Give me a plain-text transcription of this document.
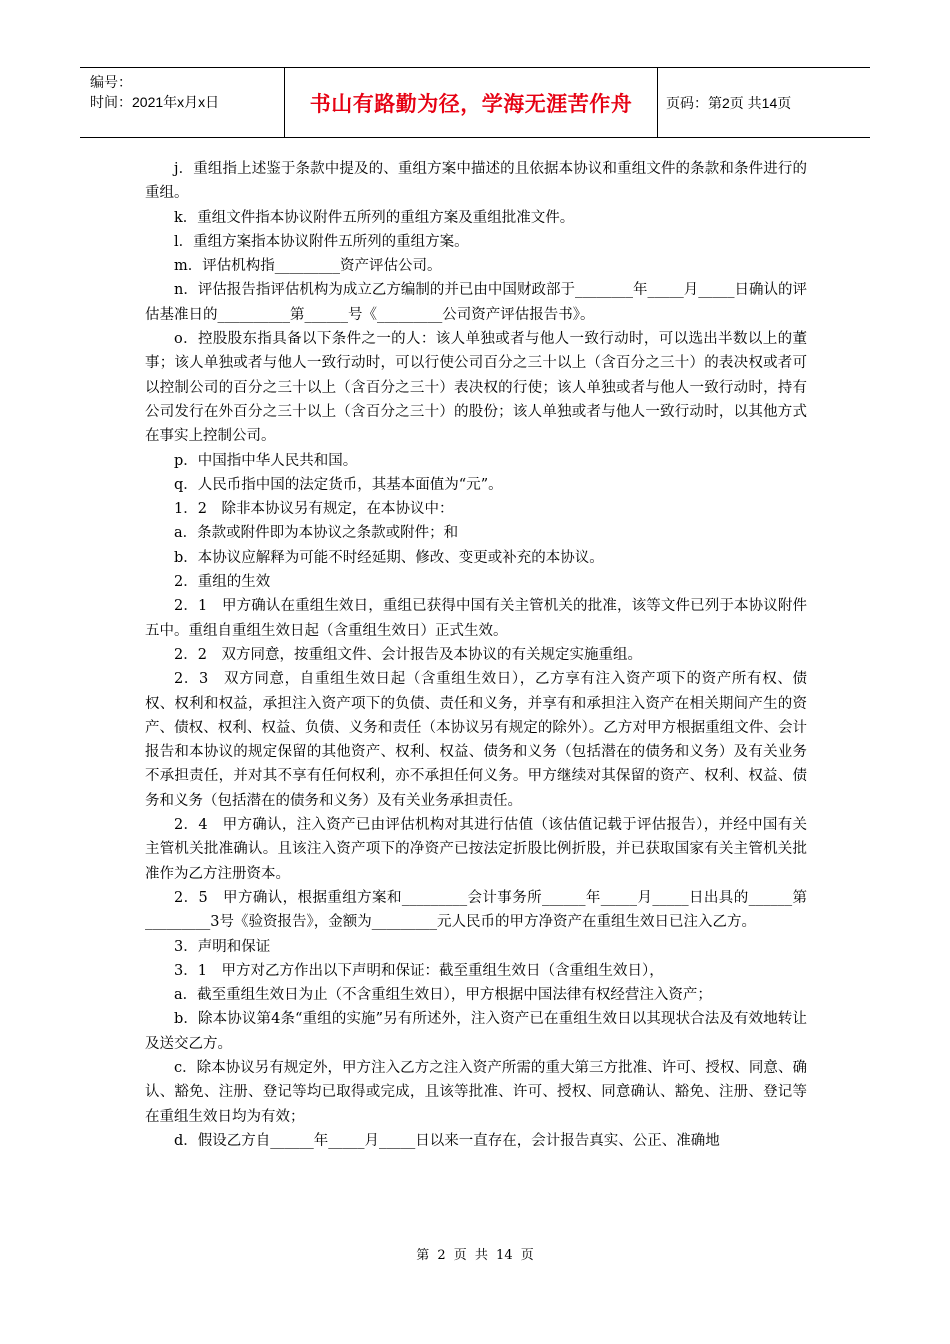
编号：
时间：2021年x月x日	书山有路勤为径，学海无涯苦作舟 页码：第2页 共14页

j．重组指上述鉴于条款中提及的、重组方案中描述的且依据本协议和重组文件的条款和条件进行的重组。

k．重组文件指本协议附件五所列的重组方案及重组批准文件。

l．重组方案指本协议附件五所列的重组方案。

m．评估机构指_________资产评估公司。

n．评估报告指评估机构为成立乙方编制的并已由中国财政部于________年_____月_____日确认的评估基准日的__________第______号《_________公司资产评估报告书》。

o．控股股东指具备以下条件之一的人：该人单独或者与他人一致行动时，可以选出半数以上的董事；该人单独或者与他人一致行动时，可以行使公司百分之三十以上（含百分之三十）的表决权或者可以控制公司的百分之三十以上（含百分之三十）表决权的行使；该人单独或者与他人一致行动时，持有公司发行在外百分之三十以上（含百分之三十）的股份；该人单独或者与他人一致行动时，以其他方式在事实上控制公司。

p．中国指中华人民共和国。

q．人民币指中国的法定货币，其基本面值为“元”。

1．2　除非本协议另有规定，在本协议中：

a．条款或附件即为本协议之条款或附件；和

b．本协议应解释为可能不时经延期、修改、变更或补充的本协议。

2．重组的生效

2．1　甲方确认在重组生效日，重组已获得中国有关主管机关的批准，该等文件已列于本协议附件五中。重组自重组生效日起（含重组生效日）正式生效。

2．2　双方同意，按重组文件、会计报告及本协议的有关规定实施重组。

2．3　双方同意，自重组生效日起（含重组生效日），乙方享有注入资产项下的资产所有权、债权、权利和权益，承担注入资产项下的负债、责任和义务，并享有和承担注入资产在相关期间产生的资产、债权、权利、权益、负债、义务和责任（本协议另有规定的除外）。乙方对甲方根据重组文件、会计报告和本协议的规定保留的其他资产、权利、权益、债务和义务（包括潜在的债务和义务）及有关业务不承担责任，并对其不享有任何权利，亦不承担任何义务。甲方继续对其保留的资产、权利、权益、债务和义务（包括潜在的债务和义务）及有关业务承担责任。

2．4　甲方确认，注入资产已由评估机构对其进行估值（该估值记载于评估报告），并经中国有关主管机关批准确认。且该注入资产项下的净资产已按法定折股比例折股，并已获取国家有关主管机关批准作为乙方注册资本。

2．5　甲方确认，根据重组方案和_________会计事务所______年_____月_____日出具的______第_________3号《验资报告》，金额为_________元人民币的甲方净资产在重组生效日已注入乙方。

3．声明和保证

3．1　甲方对乙方作出以下声明和保证：截至重组生效日（含重组生效日），

a．截至重组生效日为止（不含重组生效日），甲方根据中国法律有权经营注入资产；

b．除本协议第4条“重组的实施”另有所述外，注入资产已在重组生效日以其现状合法及有效地转让及送交乙方。

c．除本协议另有规定外，甲方注入乙方之注入资产所需的重大第三方批准、许可、授权、同意、确认、豁免、注册、登记等均已取得或完成，且该等批准、许可、授权、同意确认、豁免、注册、登记等在重组生效日均为有效；

d．假设乙方自______年_____月_____日以来一直存在，会计报告真实、公正、准确地

第 2 页 共 14 页
